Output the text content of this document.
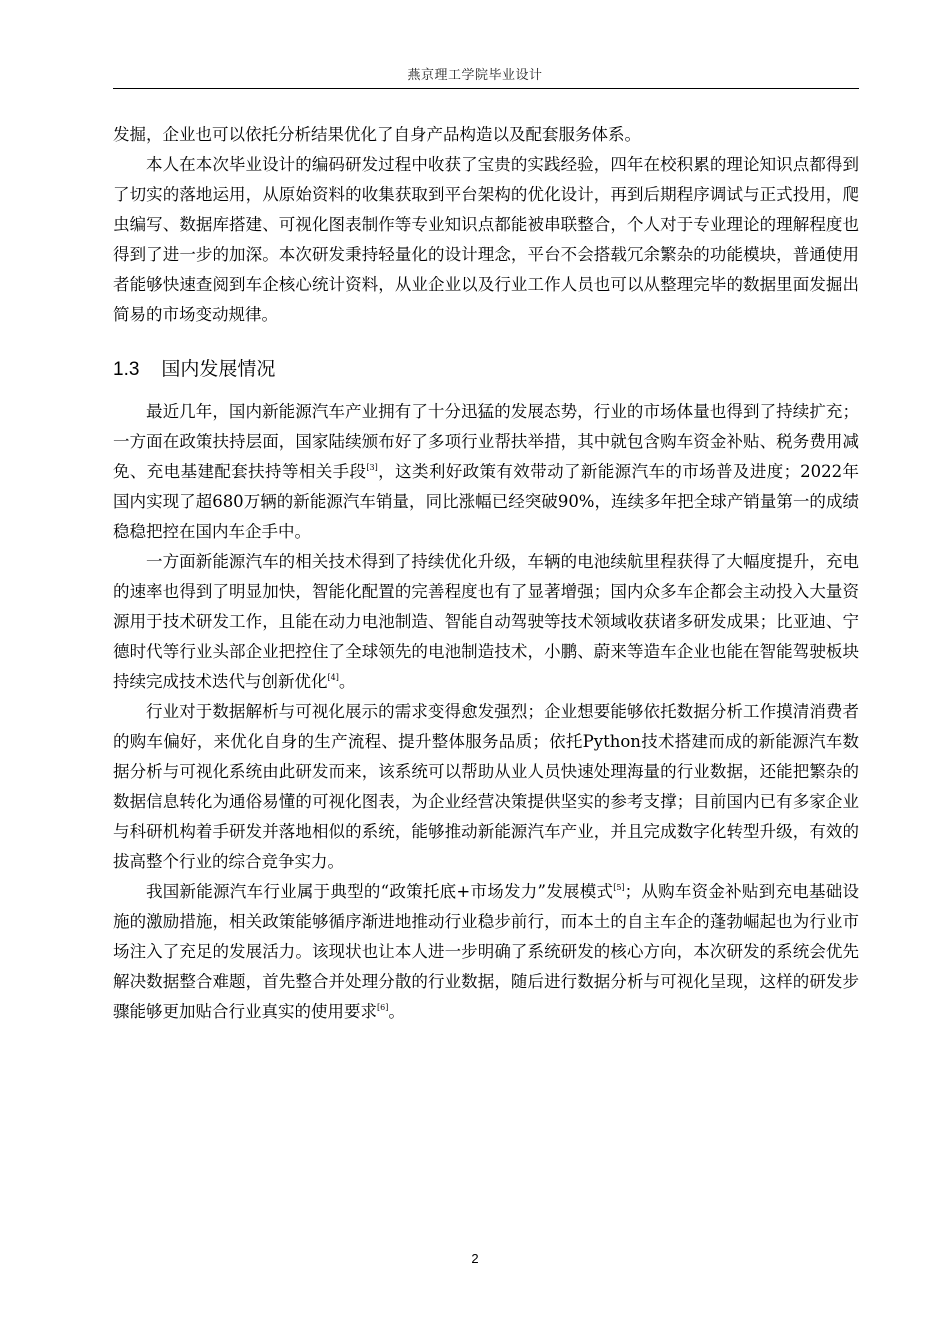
燕京理工学院毕业设计

发掘，企业也可以依托分析结果优化了自身产品构造以及配套服务体系。

本人在本次毕业设计的编码研发过程中收获了宝贵的实践经验，四年在校积累的理论知识点都得到了切实的落地运用，从原始资料的收集获取到平台架构的优化设计，再到后期程序调试与正式投用，爬虫编写、数据库搭建、可视化图表制作等专业知识点都能被串联整合，个人对于专业理论的理解程度也得到了进一步的加深。本次研发秉持轻量化的设计理念，平台不会搭载冗余繁杂的功能模块，普通使用者能够快速查阅到车企核心统计资料，从业企业以及行业工作人员也可以从整理完毕的数据里面发掘出简易的市场变动规律。

1.3 国内发展情况

最近几年，国内新能源汽车产业拥有了十分迅猛的发展态势，行业的市场体量也得到了持续扩充；一方面在政策扶持层面，国家陆续颁布好了多项行业帮扶举措，其中就包含购车资金补贴、税务费用减免、充电基建配套扶持等相关手段[3]，这类利好政策有效带动了新能源汽车的市场普及进度；2022年国内实现了超680万辆的新能源汽车销量，同比涨幅已经突破90%，连续多年把全球产销量第一的成绩稳稳把控在国内车企手中。

一方面新能源汽车的相关技术得到了持续优化升级，车辆的电池续航里程获得了大幅度提升，充电的速率也得到了明显加快，智能化配置的完善程度也有了显著增强；国内众多车企都会主动投入大量资源用于技术研发工作，且能在动力电池制造、智能自动驾驶等技术领域收获诸多研发成果；比亚迪、宁德时代等行业头部企业把控住了全球领先的电池制造技术，小鹏、蔚来等造车企业也能在智能驾驶板块持续完成技术迭代与创新优化[4]。

行业对于数据解析与可视化展示的需求变得愈发强烈；企业想要能够依托数据分析工作摸清消费者的购车偏好，来优化自身的生产流程、提升整体服务品质；依托Python技术搭建而成的新能源汽车数据分析与可视化系统由此研发而来，该系统可以帮助从业人员快速处理海量的行业数据，还能把繁杂的数据信息转化为通俗易懂的可视化图表，为企业经营决策提供坚实的参考支撑；目前国内已有多家企业与科研机构着手研发并落地相似的系统，能够推动新能源汽车产业，并且完成数字化转型升级，有效的拔高整个行业的综合竞争实力。

我国新能源汽车行业属于典型的“政策托底+市场发力”发展模式[5]；从购车资金补贴到充电基础设施的激励措施，相关政策能够循序渐进地推动行业稳步前行，而本土的自主车企的蓬勃崛起也为行业市场注入了充足的发展活力。该现状也让本人进一步明确了系统研发的核心方向，本次研发的系统会优先解决数据整合难题，首先整合并处理分散的行业数据，随后进行数据分析与可视化呈现，这样的研发步骤能够更加贴合行业真实的使用要求[6]。

2
